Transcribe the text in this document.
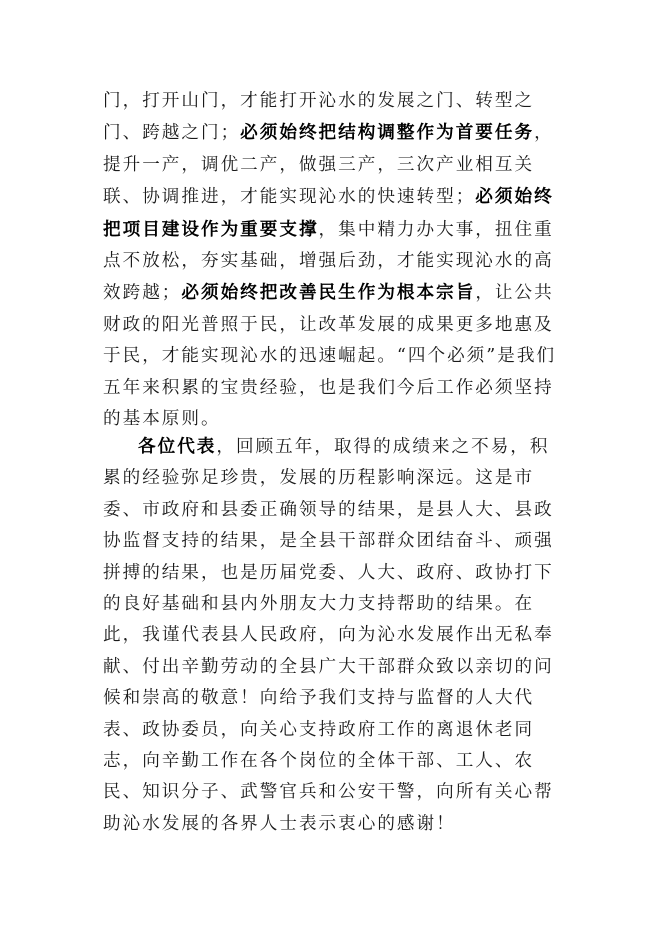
门，打开山门，才能打开沁水的发展之门、转型之门、跨越之门；必须始终把结构调整作为首要任务，提升一产，调优二产，做强三产，三次产业相互关联、协调推进，才能实现沁水的快速转型；必须始终把项目建设作为重要支撑，集中精力办大事，扭住重点不放松，夯实基础，增强后劲，才能实现沁水的高效跨越；必须始终把改善民生作为根本宗旨，让公共财政的阳光普照于民，让改革发展的成果更多地惠及于民，才能实现沁水的迅速崛起。“四个必须”是我们五年来积累的宝贵经验，也是我们今后工作必须坚持的基本原则。

各位代表，回顾五年，取得的成绩来之不易，积累的经验弥足珍贵，发展的历程影响深远。这是市委、市政府和县委正确领导的结果，是县人大、县政协监督支持的结果，是全县干部群众团结奋斗、顽强拼搏的结果，也是历届党委、人大、政府、政协打下的良好基础和县内外朋友大力支持帮助的结果。在此，我谨代表县人民政府，向为沁水发展作出无私奉献、付出辛勤劳动的全县广大干部群众致以亲切的问候和崇高的敬意！向给予我们支持与监督的人大代表、政协委员，向关心支持政府工作的离退休老同志，向辛勤工作在各个岗位的全体干部、工人、农民、知识分子、武警官兵和公安干警，向所有关心帮助沁水发展的各界人士表示衷心的感谢！
